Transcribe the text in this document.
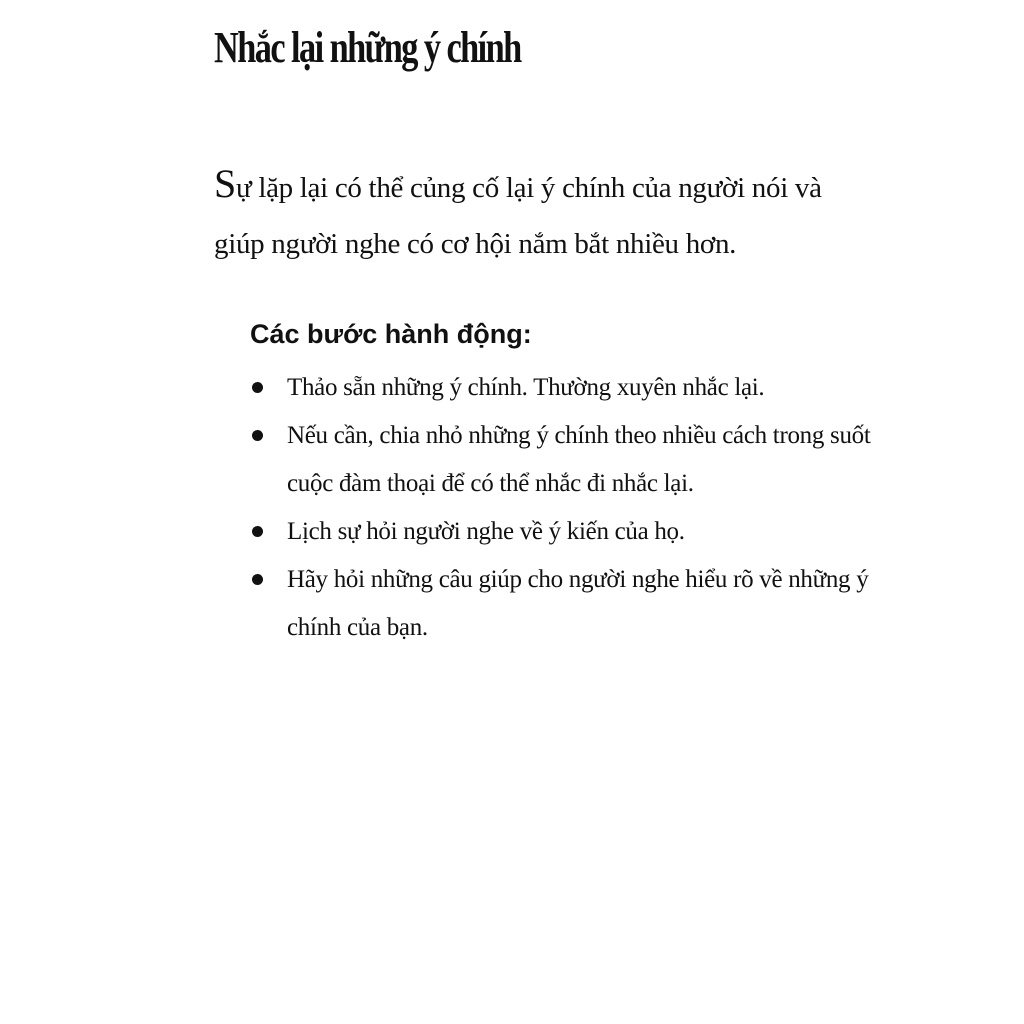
Nhắc lại những ý chính

Sự lặp lại có thể củng cố lại ý chính của người nói và giúp người nghe có cơ hội nắm bắt nhiều hơn.

Các bước hành động:
Thảo sẵn những ý chính. Thường xuyên nhắc lại.
Nếu cần, chia nhỏ những ý chính theo nhiều cách trong suốt cuộc đàm thoại để có thể nhắc đi nhắc lại.
Lịch sự hỏi người nghe về ý kiến của họ.
Hãy hỏi những câu giúp cho người nghe hiểu rõ về những ý chính của bạn.
